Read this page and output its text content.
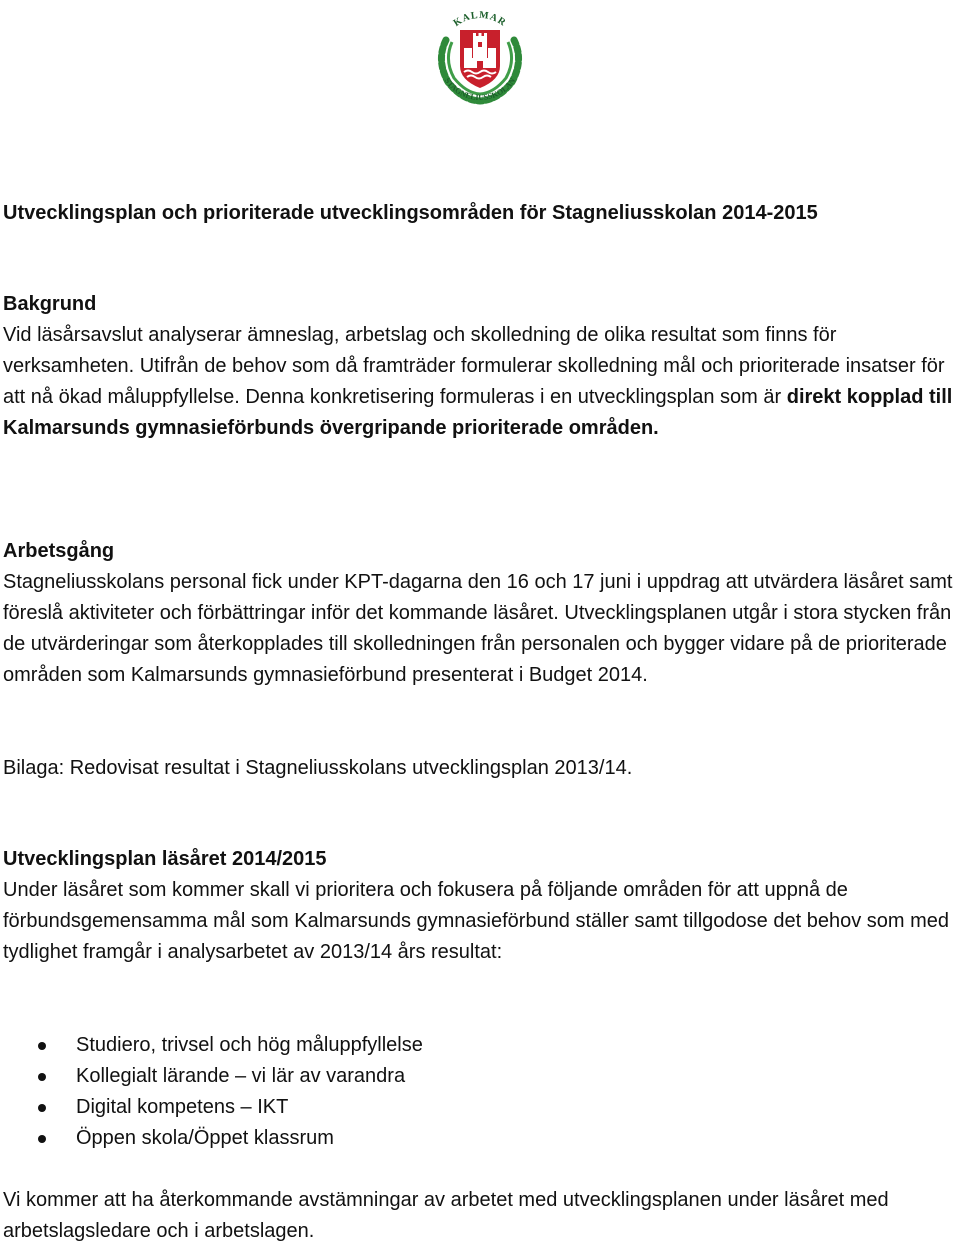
KALMAR
STAGNELIUSSKOLAN
Utvecklingsplan och prioriterade utvecklingsområden för Stagneliusskolan 2014-2015
Bakgrund

Vid läsårsavslut analyserar ämneslag, arbetslag och skolledning de olika resultat som finns för verksamheten. Utifrån de behov som då framträder formulerar skolledning mål och prioriterade insatser för att nå ökad måluppfyllelse. Denna konkretisering formuleras i en utvecklingsplan som är direkt kopplad till Kalmarsunds gymnasieförbunds övergripande prioriterade områden.

Arbetsgång

Stagneliusskolans personal fick under KPT-dagarna den 16 och 17 juni i uppdrag att utvärdera läsåret samt föreslå aktiviteter och förbättringar inför det kommande läsåret. Utvecklingsplanen utgår i stora stycken från de utvärderingar som återkopplades till skolledningen från personalen och bygger vidare på de prioriterade områden som Kalmarsunds gymnasieförbund presenterat i Budget 2014.

Bilaga: Redovisat resultat i Stagneliusskolans utvecklingsplan 2013/14.

Utvecklingsplan läsåret 2014/2015

Under läsåret som kommer skall vi prioritera och fokusera på följande områden för att uppnå de förbundsgemensamma mål som Kalmarsunds gymnasieförbund ställer samt tillgodose det behov som med tydlighet framgår i analysarbetet av 2013/14 års resultat:

Studiero, trivsel och hög måluppfyllelse
Kollegialt lärande – vi lär av varandra
Digital kompetens – IKT
Öppen skola/Öppet klassrum

Vi kommer att ha återkommande avstämningar av arbetet med utvecklingsplanen under läsåret med arbetslagsledare och i arbetslagen.
